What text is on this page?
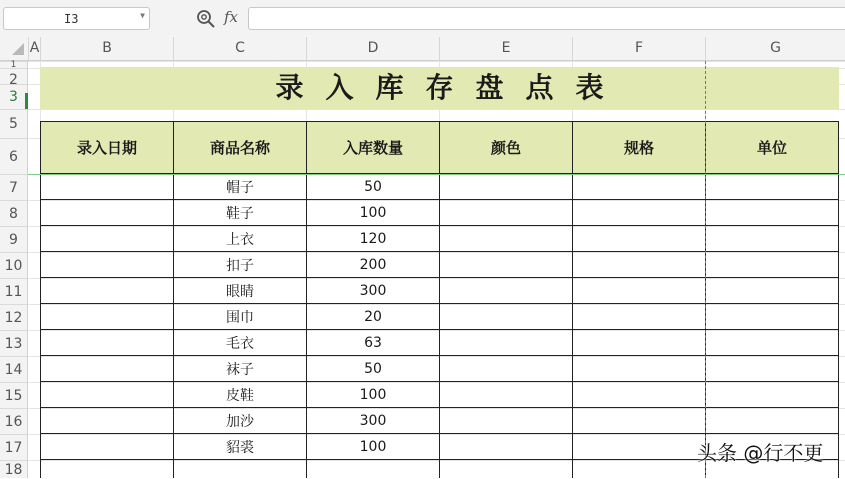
I3	▼	fx
A	B	C	D	E	F	G
1
2
3
5
6
7
8
9
10
11
12
13
14
15
16
17
18
录入库存盘点表
录入日期	商品名称	入库数量	颜色	规格	单位
	帽子	50			
	鞋子	100			
	上衣	120			
	扣子	200			
	眼睛	300			
	围巾	20			
	毛衣	63			
	袜子	50			
	皮鞋	100			
	加沙	300			
	貂裘	100			
						头条 @行不更
